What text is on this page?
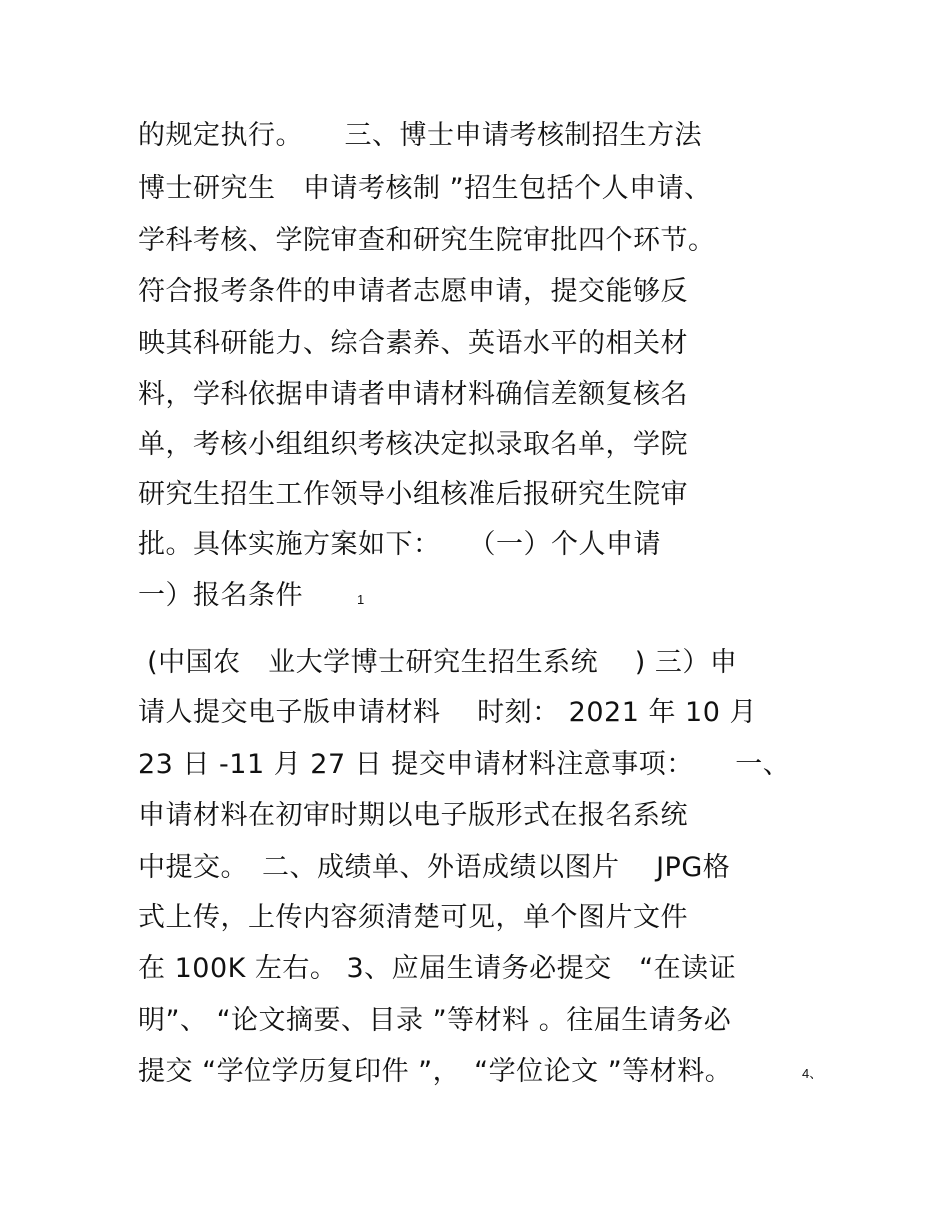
的规定执行。　　三、博士申请考核制招生方法

博士研究生　申请考核制 ”招生包括个人申请、

学科考核、学院审查和研究生院审批四个环节。

符合报考条件的申请者志愿申请，提交能够反

映其科研能力、综合素养、英语水平的相关材

料，学科依据申请者申请材料确信差额复核名

单，考核小组组织考核决定拟录取名单，学院

研究生招生工作领导小组核准后报研究生院审

批。具体实施方案如下：　　（一）个人申请

一）报名条件	1

(中国农　业大学博士研究生招生系统　 ) 三）申

请人提交电子版申请材料　 时刻： 2021 年 10 月

23 日 -11 月 27 日 提交申请材料注意事项：　　一、

申请材料在初审时期以电子版形式在报名系统

中提交。　二、成绩单、外语成绩以图片　 JPG格

式上传，上传内容须清楚可见，单个图片文件

在 100K 左右。 3、应届生请务必提交　“在读证

明”、 “论文摘要、目录 ”等材料 。往届生请务必

提交 “学位学历复印件 ”，　“学位论文 ”等材料。	4、
